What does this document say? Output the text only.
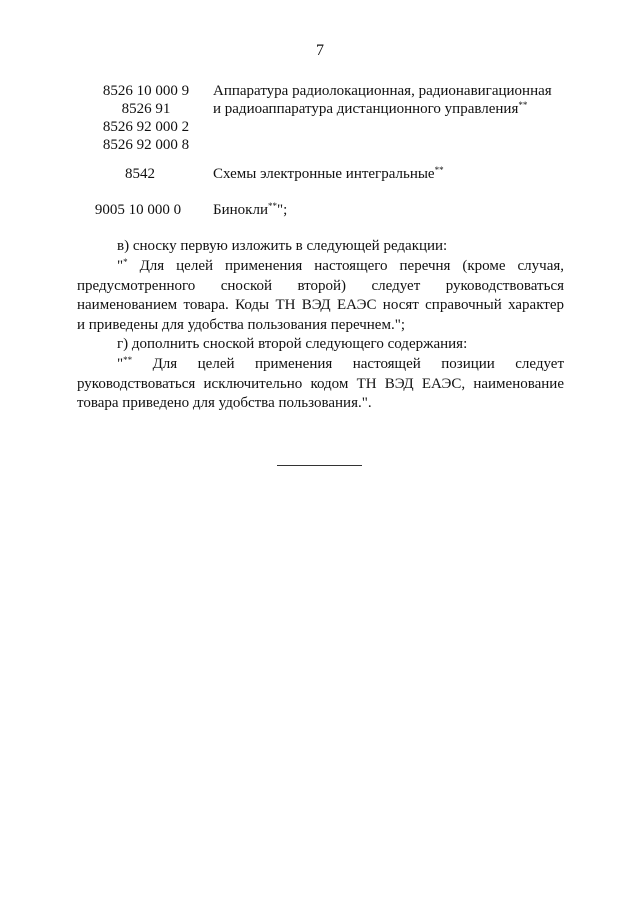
7
8526 10 000 9
8526 91
8526 92 000 2
8526 92 000 8
Аппаратура радиолокационная, радионавигационная
и радиоаппаратура дистанционного управления**
8542	Схемы электронные интегральные**
9005 10 000 0	Бинокли**";
в) сноску первую изложить в следующей редакции:
"* Для целей применения настоящего перечня (кроме случая,
предусмотренного сноской второй) следует руководствоваться
наименованием товара. Коды ТН ВЭД ЕАЭС носят справочный характер
и приведены для удобства пользования перечнем.";
г) дополнить сноской второй следующего содержания:
"** Для целей применения настоящей позиции следует
руководствоваться исключительно кодом ТН ВЭД ЕАЭС, наименование
товара приведено для удобства пользования.".
